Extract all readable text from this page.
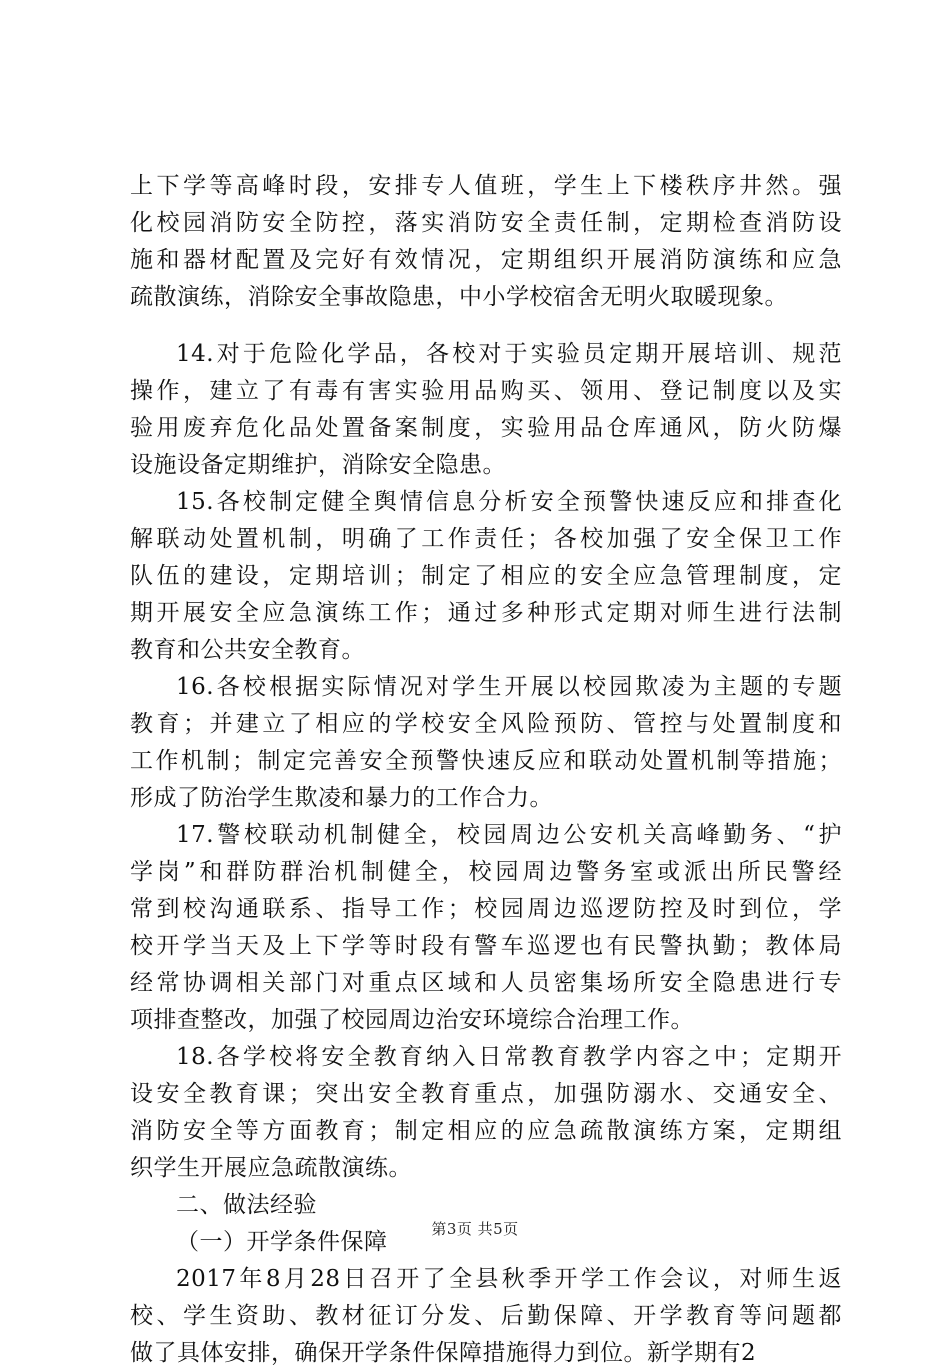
上下学等高峰时段，安排专人值班，学生上下楼秩序井然。强
化校园消防安全防控，落实消防安全责任制，定期检查消防设
施和器材配置及完好有效情况，定期组织开展消防演练和应急
疏散演练，消除安全事故隐患，中小学校宿舍无明火取暖现象。
14.对于危险化学品，各校对于实验员定期开展培训、规范
操作，建立了有毒有害实验用品购买、领用、登记制度以及实
验用废弃危化品处置备案制度，实验用品仓库通风，防火防爆
设施设备定期维护，消除安全隐患。
15.各校制定健全舆情信息分析安全预警快速反应和排查化
解联动处置机制，明确了工作责任；各校加强了安全保卫工作
队伍的建设，定期培训；制定了相应的安全应急管理制度，定
期开展安全应急演练工作；通过多种形式定期对师生进行法制
教育和公共安全教育。
16.各校根据实际情况对学生开展以校园欺凌为主题的专题
教育；并建立了相应的学校安全风险预防、管控与处置制度和
工作机制；制定完善安全预警快速反应和联动处置机制等措施；
形成了防治学生欺凌和暴力的工作合力。
17.警校联动机制健全，校园周边公安机关高峰勤务、“护
学岗”和群防群治机制健全，校园周边警务室或派出所民警经
常到校沟通联系、指导工作；校园周边巡逻防控及时到位，学
校开学当天及上下学等时段有警车巡逻也有民警执勤；教体局
经常协调相关部门对重点区域和人员密集场所安全隐患进行专
项排查整改，加强了校园周边治安环境综合治理工作。
18.各学校将安全教育纳入日常教育教学内容之中；定期开
设安全教育课；突出安全教育重点，加强防溺水、交通安全、
消防安全等方面教育；制定相应的应急疏散演练方案，定期组
织学生开展应急疏散演练。
二、做法经验
（一）开学条件保障
2017年8月28日召开了全县秋季开学工作会议，对师生返
校、学生资助、教材征订分发、后勤保障、开学教育等问题都
做了具体安排，确保开学条件保障措施得力到位。新学期有2
第3页 共5页
